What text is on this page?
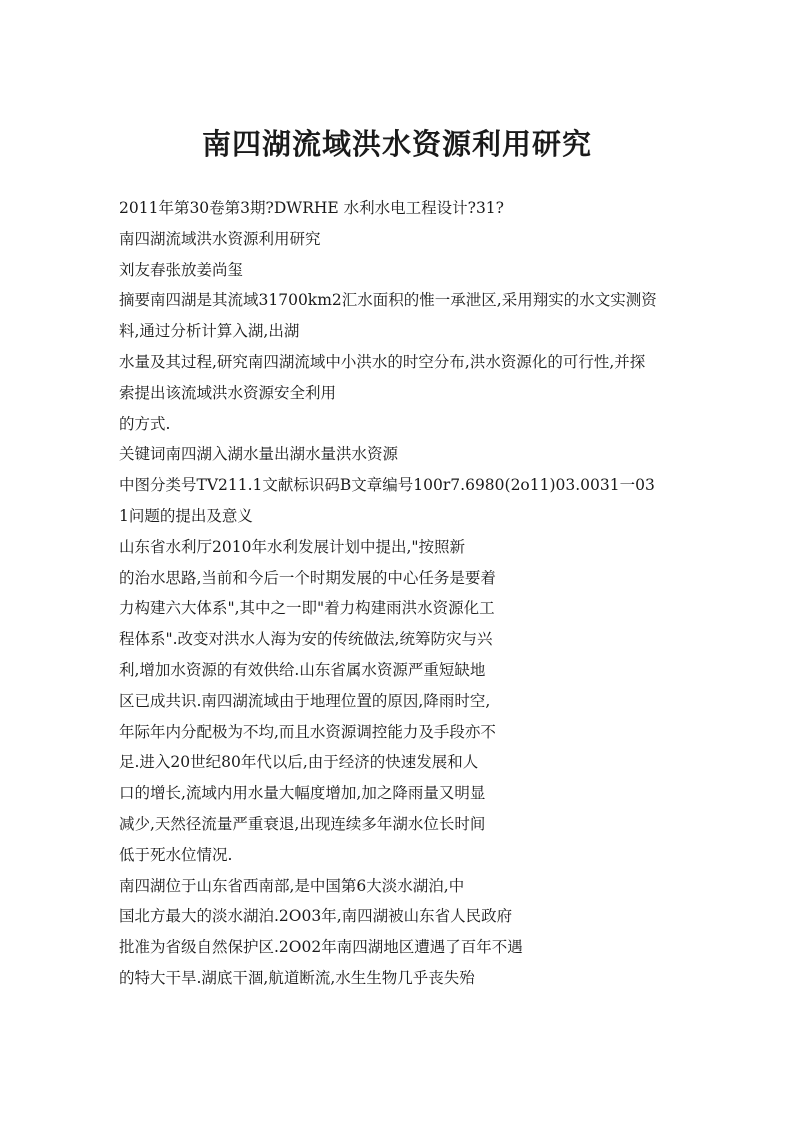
南四湖流域洪水资源利用研究
2011年第30卷第3期?DWRHE 水利水电工程设计?31?
南四湖流域洪水资源利用研究
刘友春张放姜尚玺
摘要南四湖是其流域31700km2汇水面积的惟一承泄区,采用翔实的水文实测资
料,通过分析计算入湖,出湖
水量及其过程,研究南四湖流域中小洪水的时空分布,洪水资源化的可行性,并探
索提出该流域洪水资源安全利用
的方式.
关键词南四湖入湖水量出湖水量洪水资源
中图分类号TV211.1文献标识码B文章编号100r7.6980(2o11)03.0031一03
1问题的提出及意义
山东省水利厅2010年水利发展计划中提出,"按照新
的治水思路,当前和今后一个时期发展的中心任务是要着
力构建六大体系",其中之一即"着力构建雨洪水资源化工
程体系".改变对洪水人海为安的传统做法,统筹防灾与兴
利,增加水资源的有效供给.山东省属水资源严重短缺地
区已成共识.南四湖流域由于地理位置的原因,降雨时空,
年际年内分配极为不均,而且水资源调控能力及手段亦不
足.进入20世纪80年代以后,由于经济的快速发展和人
口的增长,流域内用水量大幅度增加,加之降雨量又明显
减少,天然径流量严重衰退,出现连续多年湖水位长时间
低于死水位情况.
南四湖位于山东省西南部,是中国第6大淡水湖泊,中
国北方最大的淡水湖泊.2O03年,南四湖被山东省人民政府
批准为省级自然保护区.2O02年南四湖地区遭遇了百年不遇
的特大干旱.湖底干涸,航道断流,水生生物几乎丧失殆
